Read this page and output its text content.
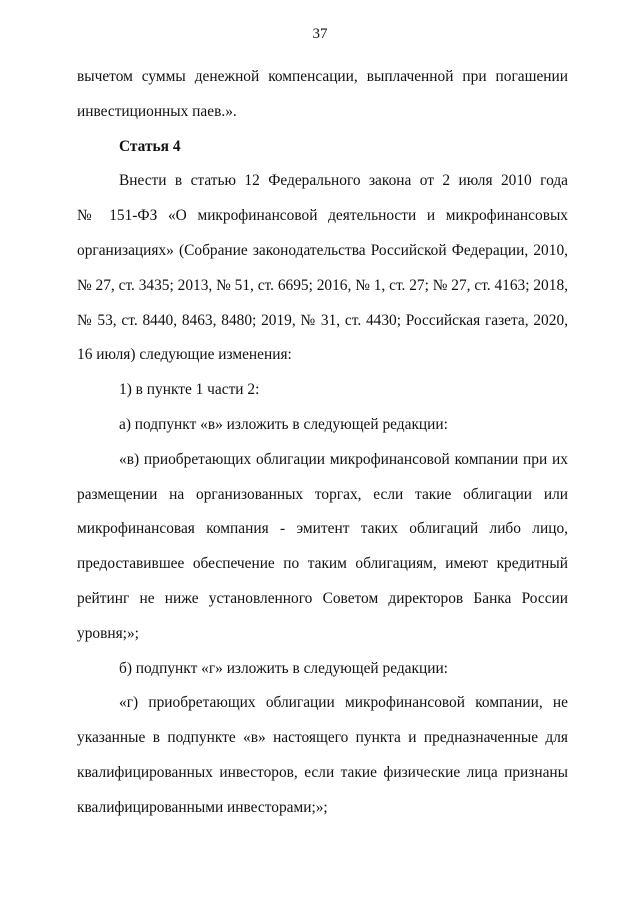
37
вычетом суммы денежной компенсации, выплаченной при погашении
инвестиционных паев.».
Статья 4
Внести в статью 12 Федерального закона от 2 июля 2010 года
№ 151-ФЗ «О микрофинансовой деятельности и микрофинансовых
организациях» (Собрание законодательства Российской Федерации, 2010,
№ 27, ст. 3435; 2013, № 51, ст. 6695; 2016, № 1, ст. 27; № 27, ст. 4163; 2018,
№ 53, ст. 8440, 8463, 8480; 2019, № 31, ст. 4430; Российская газета, 2020,
16 июля) следующие изменения:
1) в пункте 1 части 2:
а) подпункт «в» изложить в следующей редакции:
«в) приобретающих облигации микрофинансовой компании при их
размещении на организованных торгах, если такие облигации или
микрофинансовая компания - эмитент таких облигаций либо лицо,
предоставившее обеспечение по таким облигациям, имеют кредитный
рейтинг не ниже установленного Советом директоров Банка России
уровня;»;
б) подпункт «г» изложить в следующей редакции:
«г) приобретающих облигации микрофинансовой компании, не
указанные в подпункте «в» настоящего пункта и предназначенные для
квалифицированных инвесторов, если такие физические лица признаны
квалифицированными инвесторами;»;
